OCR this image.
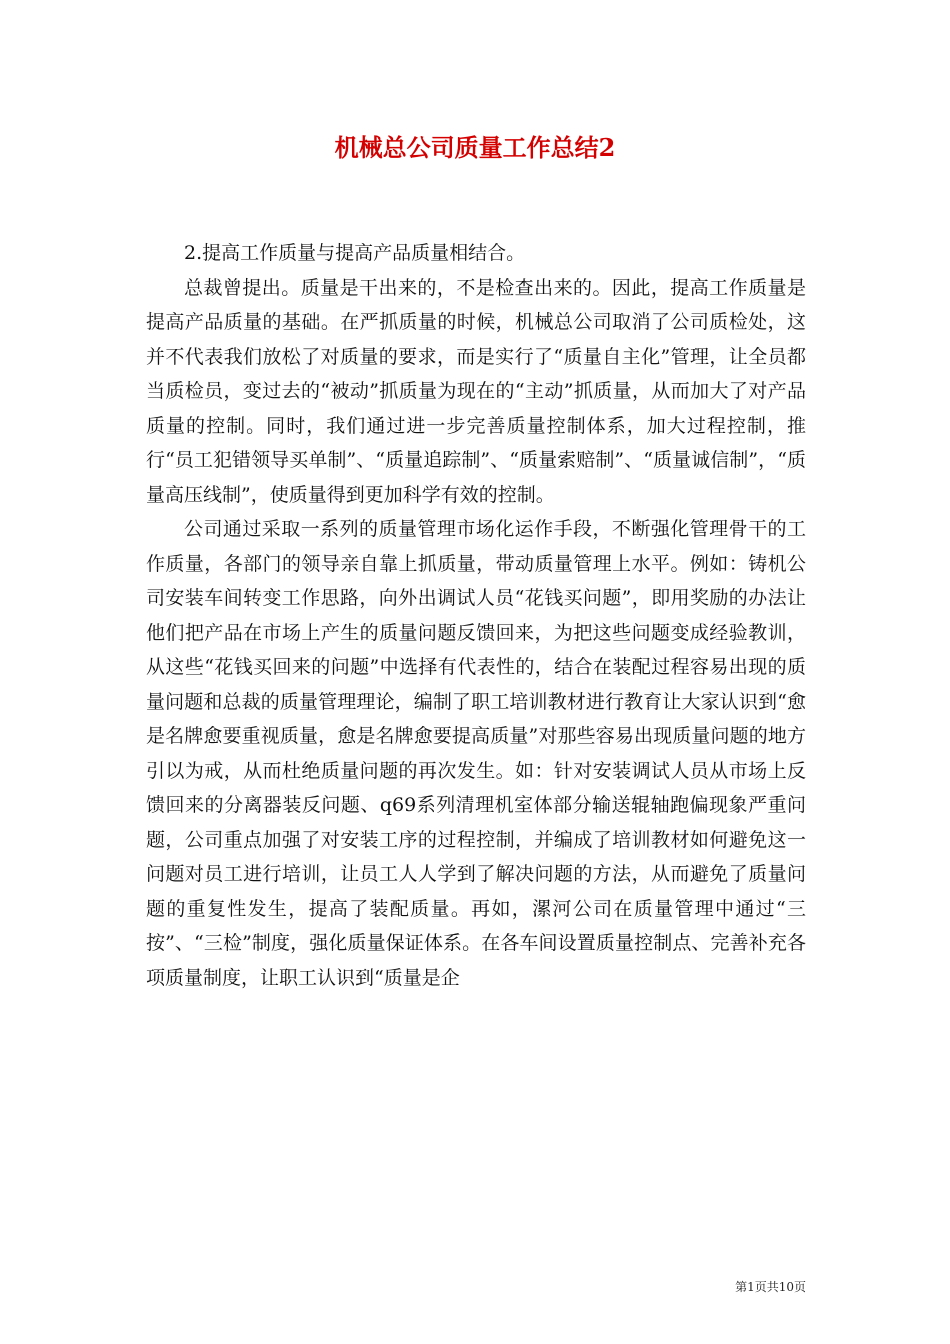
机械总公司质量工作总结2

2.提高工作质量与提高产品质量相结合。

总裁曾提出。质量是干出来的，不是检查出来的。因此，提高工作质量是提高产品质量的基础。在严抓质量的时候，机械总公司取消了公司质检处，这并不代表我们放松了对质量的要求，而是实行了“质量自主化”管理，让全员都当质检员，变过去的“被动”抓质量为现在的“主动”抓质量，从而加大了对产品质量的控制。同时，我们通过进一步完善质量控制体系，加大过程控制，推行“员工犯错领导买单制”、“质量追踪制”、“质量索赔制”、“质量诚信制”，“质量高压线制”，使质量得到更加科学有效的控制。

公司通过采取一系列的质量管理市场化运作手段，不断强化管理骨干的工作质量，各部门的领导亲自靠上抓质量，带动质量管理上水平。例如：铸机公司安装车间转变工作思路，向外出调试人员“花钱买问题”，即用奖励的办法让他们把产品在市场上产生的质量问题反馈回来，为把这些问题变成经验教训，从这些“花钱买回来的问题”中选择有代表性的，结合在装配过程容易出现的质量问题和总裁的质量管理理论，编制了职工培训教材进行教育让大家认识到“愈是名牌愈要重视质量，愈是名牌愈要提高质量”对那些容易出现质量问题的地方引以为戒，从而杜绝质量问题的再次发生。如：针对安装调试人员从市场上反馈回来的分离器装反问题、q69系列清理机室体部分输送辊轴跑偏现象严重问题，公司重点加强了对安装工序的过程控制，并编成了培训教材如何避免这一问题对员工进行培训，让员工人人学到了解决问题的方法，从而避免了质量问题的重复性发生，提高了装配质量。再如，漯河公司在质量管理中通过“三按”、“三检”制度，强化质量保证体系。在各车间设置质量控制点、完善补充各项质量制度，让职工认识到“质量是企

第1页共10页
